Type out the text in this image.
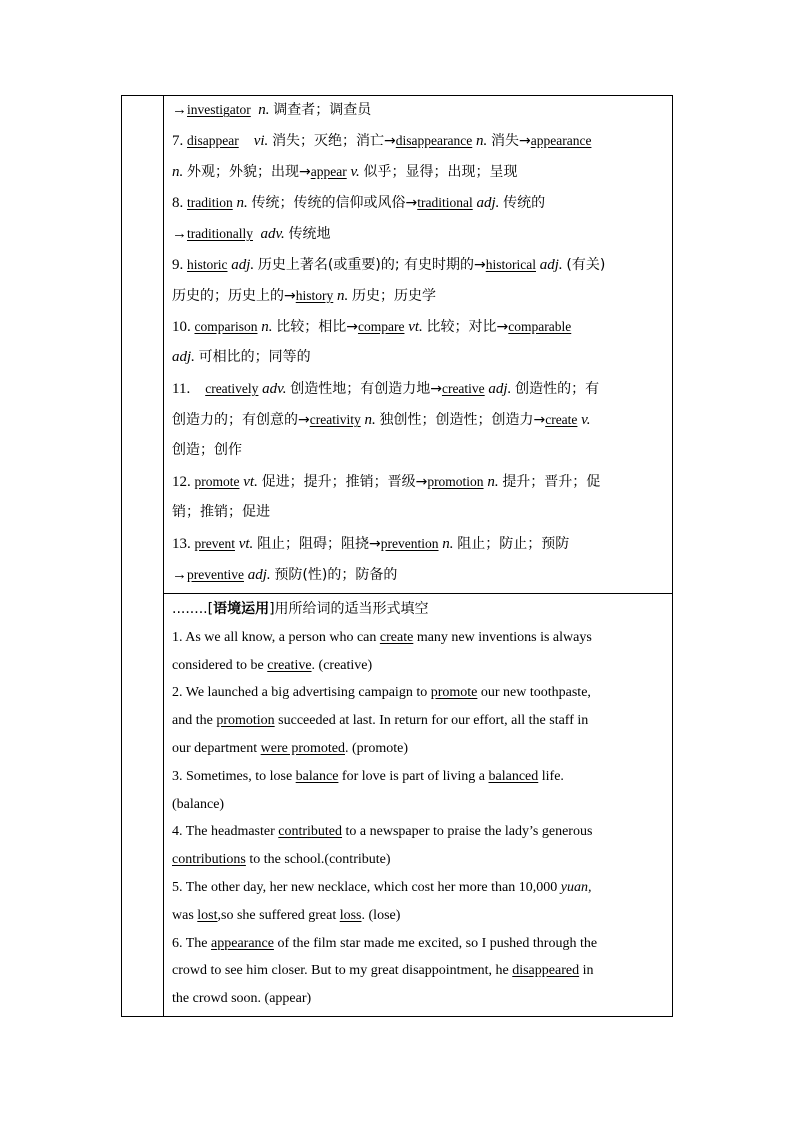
→investigator n. 调查者；调查员
7. disappear vi. 消失；灭绝；消亡→disappearance n. 消失→appearance
n. 外观；外貌；出现→appear v. 似乎；显得；出现；呈现
8. tradition n. 传统；传统的信仰或风俗→traditional adj. 传统的
→traditionally adv. 传统地
9. historic adj. 历史上著名(或重要)的; 有史时期的→historical adj. (有关)
历史的；历史上的→history n. 历史；历史学
10. comparison n. 比较；相比→compare vt. 比较；对比→comparable
adj. 可相比的；同等的
11. creatively adv. 创造性地；有创造力地→creative adj. 创造性的；有
创造力的；有创意的→creativity n. 独创性；创造性；创造力→create v.
创造；创作
12. promote vt. 促进；提升；推销；晋级→promotion n. 提升；晋升；促
销；推销；促进
13. prevent vt. 阻止；阻碍；阻挠→prevention n. 阻止；防止；预防
→preventive adj. 预防(性)的；防备的
........[语境运用]用所给词的适当形式填空
1. As we all know, a person who can create many new inventions is always
considered to be creative. (creative)
2. We launched a big advertising campaign to promote our new toothpaste,
and the promotion succeeded at last. In return for our effort, all the staff in
our department were promoted. (promote)
3. Sometimes, to lose balance for love is part of living a balanced life.
(balance)
4. The headmaster contributed to a newspaper to praise the lady’s generous
contributions to the school.(contribute)
5. The other day, her new necklace, which cost her more than 10,000 yuan,
was lost,so she suffered great loss. (lose)
6. The appearance of the film star made me excited, so I pushed through the
crowd to see him closer. But to my great disappointment, he disappeared in
the crowd soon. (appear)
